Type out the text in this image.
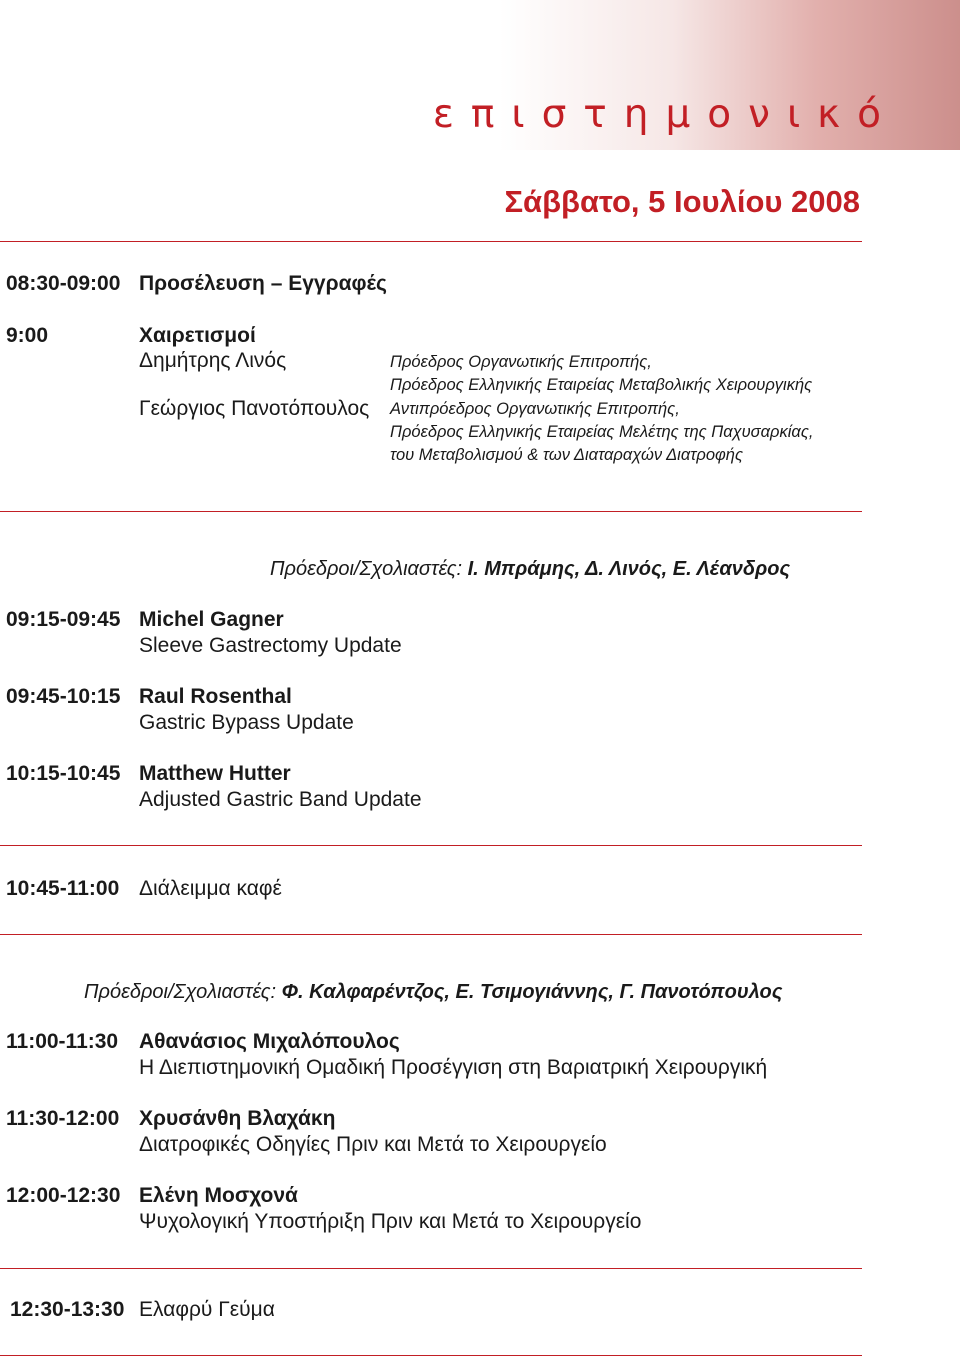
επιστημονικό
Σάββατο, 5 Ιουλίου 2008
08:30-09:00 Προσέλευση – Εγγραφές
9:00	Χαιρετισμοί
Δημήτρης Λινός	Πρόεδρος Οργανωτικής Επιτροπής,
Πρόεδρος Ελληνικής Εταιρείας Μεταβολικής Χειρουργικής
Γεώργιος Πανοτόπουλος Αντιπρόεδρος Οργανωτικής Επιτροπής,
Πρόεδρος Ελληνικής Εταιρείας Μελέτης της Παχυσαρκίας,
του Μεταβολισμού & των Διαταραχών Διατροφής
Πρόεδροι/Σχολιαστές: Ι. Μπράμης, Δ. Λινός, Ε. Λέανδρος
09:15-09:45 Michel Gagner
Sleeve Gastrectomy Update
09:45-10:15 Raul Rosenthal
Gastric Bypass Update
10:15-10:45 Matthew Hutter
Adjusted Gastric Band Update
10:45-11:00 Διάλειμμα καφέ
Πρόεδροι/Σχολιαστές: Φ. Καλφαρέντζος, Ε. Τσιμογιάννης, Γ. Πανοτόπουλος
11:00-11:30 Αθανάσιος Μιχαλόπουλος
Η Διεπιστημονική Ομαδική Προσέγγιση στη Βαριατρική Χειρουργική
11:30-12:00 Χρυσάνθη Βλαχάκη
Διατροφικές Οδηγίες Πριν και Μετά το Χειρουργείο
12:00-12:30 Ελένη Μοσχονά
Ψυχολογική Υποστήριξη Πριν και Μετά το Χειρουργείο
12:30-13:30 Ελαφρύ Γεύμα
